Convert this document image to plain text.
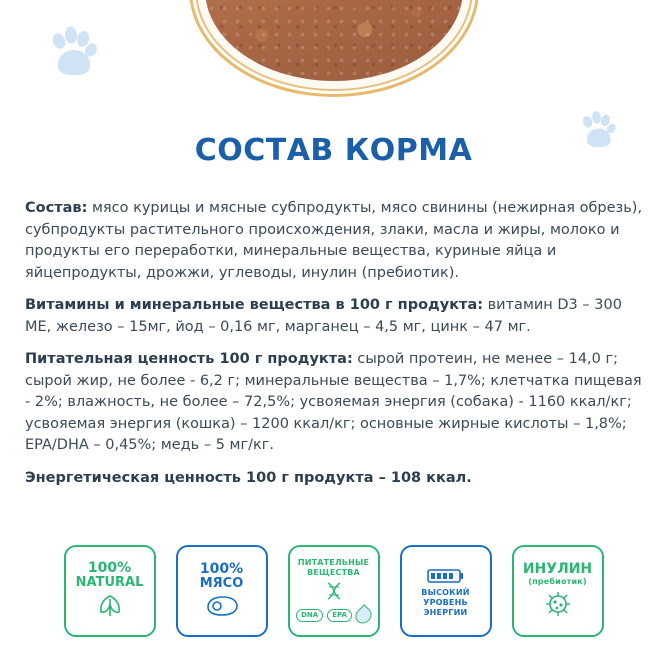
СОСТАВ КОРМА

Состав: мясо курицы и мясные субпродукты, мясо свинины (нежирная обрезь), субпродукты растительного происхождения, злаки, масла и жиры, молоко и продукты его переработки, минеральные вещества, куриные яйца и яйцепродукты, дрожжи, углеводы, инулин (пребиотик).

Витамины и минеральные вещества в 100 г продукта: витамин D3 – 300 МЕ, железо – 15мг, йод – 0,16 мг, марганец – 4,5 мг, цинк – 47 мг.

Питательная ценность 100 г продукта: сырой протеин, не менее – 14,0 г; сырой жир, не более - 6,2 г; минеральные вещества – 1,7%; клетчатка пищевая - 2%; влажность, не более – 72,5%; усвояемая энергия (собака) - 1160 ккал/кг; усвояемая энергия (кошка) – 1200 ккал/кг; основные жирные кислоты – 1,8%; EPA/DHA – 0,45%; медь – 5 мг/кг.

Энергетическая ценность 100 г продукта – 108 ккал.

100%
NATURAL
100%
МЯСО
ПИТАТЕЛЬНЫЕ
ВЕЩЕСТВА
DNA	EPA
ВЫСОКИЙ
УРОВЕНЬ
ЭНЕРГИИ
ИНУЛИН
(пребиотик)
